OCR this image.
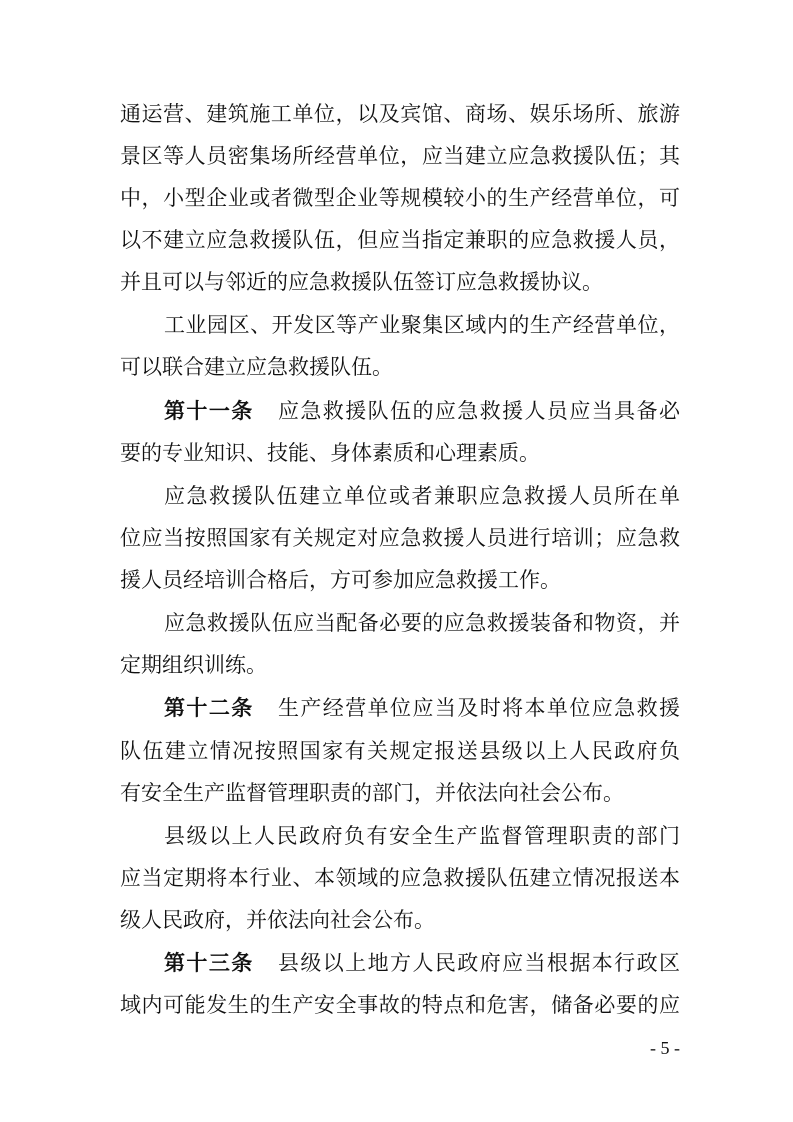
通运营、建筑施工单位，以及宾馆、商场、娱乐场所、旅游
景区等人员密集场所经营单位，应当建立应急救援队伍；其
中，小型企业或者微型企业等规模较小的生产经营单位，可
以不建立应急救援队伍，但应当指定兼职的应急救援人员，
并且可以与邻近的应急救援队伍签订应急救援协议。
工业园区、开发区等产业聚集区域内的生产经营单位，
可以联合建立应急救援队伍。
第十一条 应急救援队伍的应急救援人员应当具备必
要的专业知识、技能、身体素质和心理素质。
应急救援队伍建立单位或者兼职应急救援人员所在单
位应当按照国家有关规定对应急救援人员进行培训；应急救
援人员经培训合格后，方可参加应急救援工作。
应急救援队伍应当配备必要的应急救援装备和物资，并
定期组织训练。
第十二条 生产经营单位应当及时将本单位应急救援
队伍建立情况按照国家有关规定报送县级以上人民政府负
有安全生产监督管理职责的部门，并依法向社会公布。
县级以上人民政府负有安全生产监督管理职责的部门
应当定期将本行业、本领域的应急救援队伍建立情况报送本
级人民政府，并依法向社会公布。
第十三条 县级以上地方人民政府应当根据本行政区
域内可能发生的生产安全事故的特点和危害，储备必要的应
- 5 -
